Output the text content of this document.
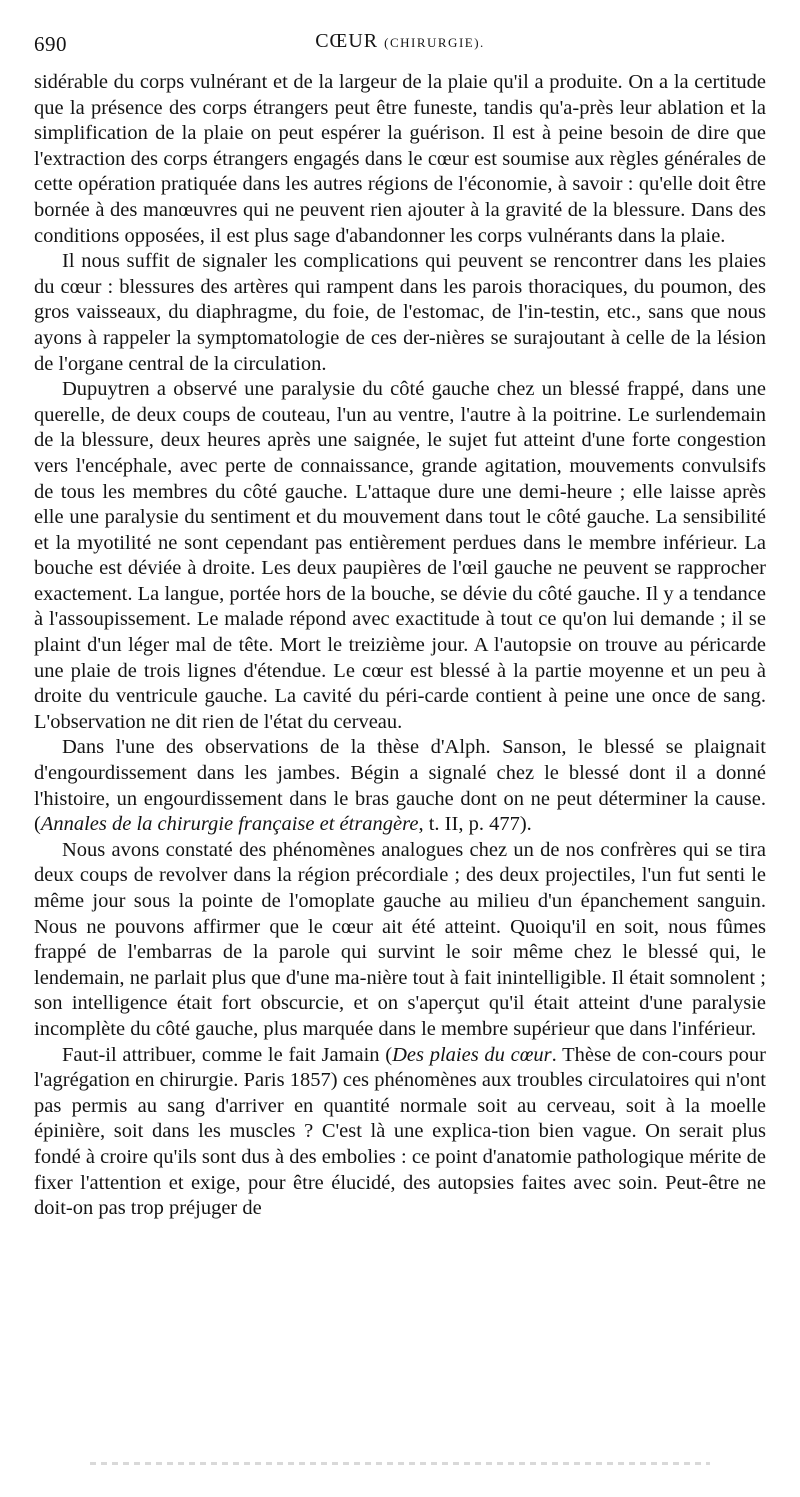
690	CŒUR (CHIRURGIE).

sidérable du corps vulnérant et de la largeur de la plaie qu'il a produite. On a la certitude que la présence des corps étrangers peut être funeste, tandis qu'a-près leur ablation et la simplification de la plaie on peut espérer la guérison. Il est à peine besoin de dire que l'extraction des corps étrangers engagés dans le cœur est soumise aux règles générales de cette opération pratiquée dans les autres régions de l'économie, à savoir : qu'elle doit être bornée à des manœuvres qui ne peuvent rien ajouter à la gravité de la blessure. Dans des conditions opposées, il est plus sage d'abandonner les corps vulnérants dans la plaie.

Il nous suffit de signaler les complications qui peuvent se rencontrer dans les plaies du cœur : blessures des artères qui rampent dans les parois thoraciques, du poumon, des gros vaisseaux, du diaphragme, du foie, de l'estomac, de l'in-testin, etc., sans que nous ayons à rappeler la symptomatologie de ces der-nières se surajoutant à celle de la lésion de l'organe central de la circulation.

Dupuytren a observé une paralysie du côté gauche chez un blessé frappé, dans une querelle, de deux coups de couteau, l'un au ventre, l'autre à la poitrine. Le surlendemain de la blessure, deux heures après une saignée, le sujet fut atteint d'une forte congestion vers l'encéphale, avec perte de connaissance, grande agitation, mouvements convulsifs de tous les membres du côté gauche. L'attaque dure une demi-heure ; elle laisse après elle une paralysie du sentiment et du mouvement dans tout le côté gauche. La sensibilité et la myotilité ne sont cependant pas entièrement perdues dans le membre inférieur. La bouche est déviée à droite. Les deux paupières de l'œil gauche ne peuvent se rapprocher exactement. La langue, portée hors de la bouche, se dévie du côté gauche. Il y a tendance à l'assoupissement. Le malade répond avec exactitude à tout ce qu'on lui demande ; il se plaint d'un léger mal de tête. Mort le treizième jour. A l'autopsie on trouve au péricarde une plaie de trois lignes d'étendue. Le cœur est blessé à la partie moyenne et un peu à droite du ventricule gauche. La cavité du péri-carde contient à peine une once de sang. L'observation ne dit rien de l'état du cerveau.

Dans l'une des observations de la thèse d'Alph. Sanson, le blessé se plaignait d'engourdissement dans les jambes. Bégin a signalé chez le blessé dont il a donné l'histoire, un engourdissement dans le bras gauche dont on ne peut déterminer la cause. (Annales de la chirurgie française et étrangère, t. II, p. 477).

Nous avons constaté des phénomènes analogues chez un de nos confrères qui se tira deux coups de revolver dans la région précordiale ; des deux projectiles, l'un fut senti le même jour sous la pointe de l'omoplate gauche au milieu d'un épanchement sanguin. Nous ne pouvons affirmer que le cœur ait été atteint. Quoiqu'il en soit, nous fûmes frappé de l'embarras de la parole qui survint le soir même chez le blessé qui, le lendemain, ne parlait plus que d'une ma-nière tout à fait inintelligible. Il était somnolent ; son intelligence était fort obscurcie, et on s'aperçut qu'il était atteint d'une paralysie incomplète du côté gauche, plus marquée dans le membre supérieur que dans l'inférieur.

Faut-il attribuer, comme le fait Jamain (Des plaies du cœur. Thèse de con-cours pour l'agrégation en chirurgie. Paris 1857) ces phénomènes aux troubles circulatoires qui n'ont pas permis au sang d'arriver en quantité normale soit au cerveau, soit à la moelle épinière, soit dans les muscles ? C'est là une explica-tion bien vague. On serait plus fondé à croire qu'ils sont dus à des embolies : ce point d'anatomie pathologique mérite de fixer l'attention et exige, pour être élucidé, des autopsies faites avec soin. Peut-être ne doit-on pas trop préjuger de
